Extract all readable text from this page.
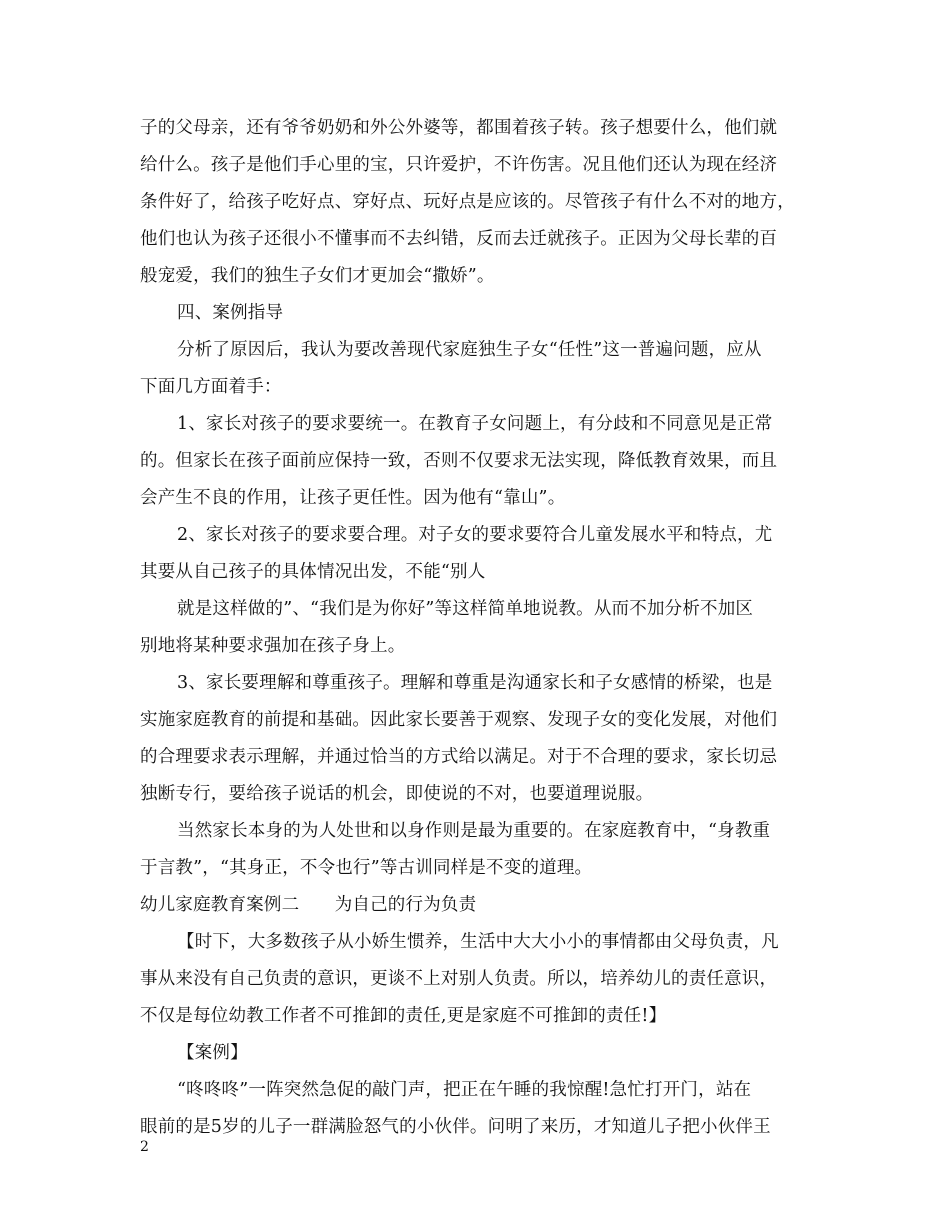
子的父母亲，还有爷爷奶奶和外公外婆等，都围着孩子转。孩子想要什么，他们就
给什么。孩子是他们手心里的宝，只许爱护，不许伤害。况且他们还认为现在经济
条件好了，给孩子吃好点、穿好点、玩好点是应该的。尽管孩子有什么不对的地方，
他们也认为孩子还很小不懂事而不去纠错，反而去迁就孩子。正因为父母长辈的百
般宠爱，我们的独生子女们才更加会“撒娇”。
四、案例指导
分析了原因后，我认为要改善现代家庭独生子女“任性”这一普遍问题，应从
下面几方面着手：
1、家长对孩子的要求要统一。在教育子女问题上，有分歧和不同意见是正常
的。但家长在孩子面前应保持一致，否则不仅要求无法实现，降低教育效果，而且
会产生不良的作用，让孩子更任性。因为他有“靠山”。
2、家长对孩子的要求要合理。对子女的要求要符合儿童发展水平和特点，尤
其要从自己孩子的具体情况出发，不能“别人
就是这样做的”、“我们是为你好”等这样简单地说教。从而不加分析不加区
别地将某种要求强加在孩子身上。
3、家长要理解和尊重孩子。理解和尊重是沟通家长和子女感情的桥梁，也是
实施家庭教育的前提和基础。因此家长要善于观察、发现子女的变化发展，对他们
的合理要求表示理解，并通过恰当的方式给以满足。对于不合理的要求，家长切忌
独断专行，要给孩子说话的机会，即使说的不对，也要道理说服。
当然家长本身的为人处世和以身作则是最为重要的。在家庭教育中，“身教重
于言教”，“其身正，不令也行”等古训同样是不变的道理。
幼儿家庭教育案例二　　为自己的行为负责
【时下，大多数孩子从小娇生惯养，生活中大大小小的事情都由父母负责，凡
事从来没有自己负责的意识，更谈不上对别人负责。所以，培养幼儿的责任意识，
不仅是每位幼教工作者不可推卸的责任,更是家庭不可推卸的责任!】
【案例】
“咚咚咚”一阵突然急促的敲门声，把正在午睡的我惊醒!急忙打开门，站在
眼前的是5岁的儿子一群满脸怒气的小伙伴。问明了来历，才知道儿子把小伙伴王
2
